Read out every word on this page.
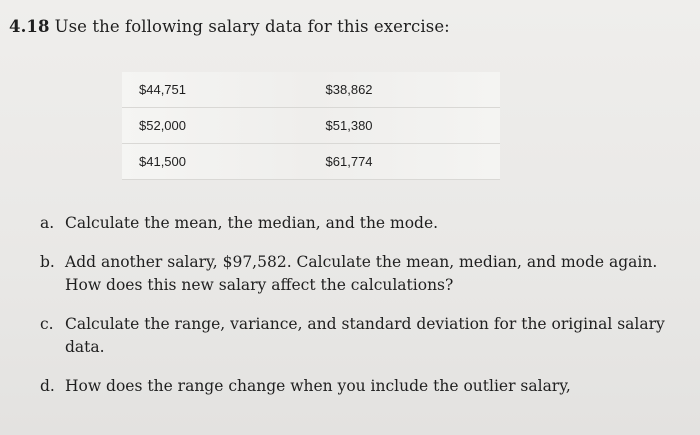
4.18 Use the following salary data for this exercise:
$44,751	$38,862
$52,000	$51,380
$41,500	$61,774
a. Calculate the mean, the median, and the mode.
b. Add another salary, $97,582. Calculate the mean, median, and mode again. How does this new salary affect the calculations?
c. Calculate the range, variance, and standard deviation for the original salary data.
d. How does the range change when you include the outlier salary,
